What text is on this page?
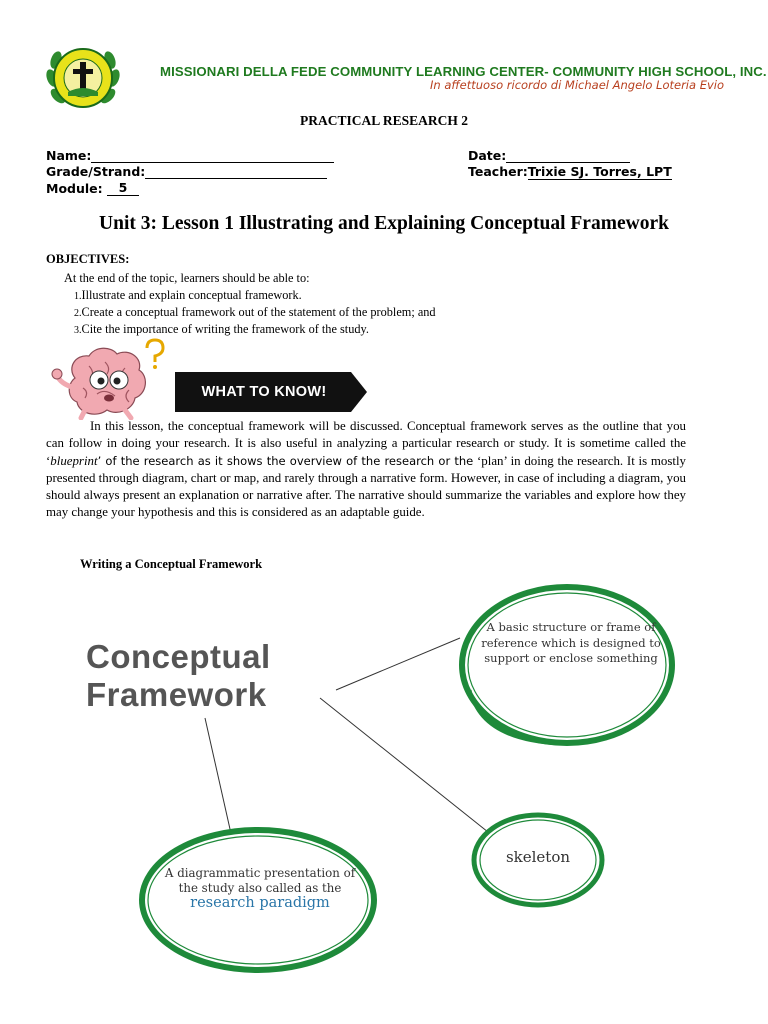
MISSIONARI DELLA FEDE COMMUNITY LEARNING CENTER- COMMUNITY HIGH SCHOOL, INC.
In affettuoso ricordo di Michael Angelo Loteria Evio
PRACTICAL RESEARCH 2
Name:
Grade/Strand:
Module: 5
Date:
Teacher:Trixie SJ. Torres, LPT
Unit 3: Lesson 1 Illustrating and Explaining Conceptual Framework
OBJECTIVES:
At the end of the topic, learners should be able to:
1.Illustrate and explain conceptual framework.
2.Create a conceptual framework out of the statement of the problem; and
3.Cite the importance of writing the framework of the study.
WHAT TO KNOW!

In this lesson, the conceptual framework will be discussed. Conceptual framework serves as the outline that you can follow in doing your research. It is also useful in analyzing a particular research or study. It is sometime called the ‘blueprint’ of the research as it shows the overview of the research or the ‘plan’ in doing the research. It is mostly presented through diagram, chart or map, and rarely through a narrative form. However, in case of including a diagram, you should always present an explanation or narrative after. The narrative should summarize the variables and explore how they may change your hypothesis and this is considered as an adaptable guide.

Writing a Conceptual Framework
Conceptual
Framework
A basic structure or frame of reference which is designed to support or enclose something
skeleton
A diagrammatic presentation of the study also called as the
research paradigm
